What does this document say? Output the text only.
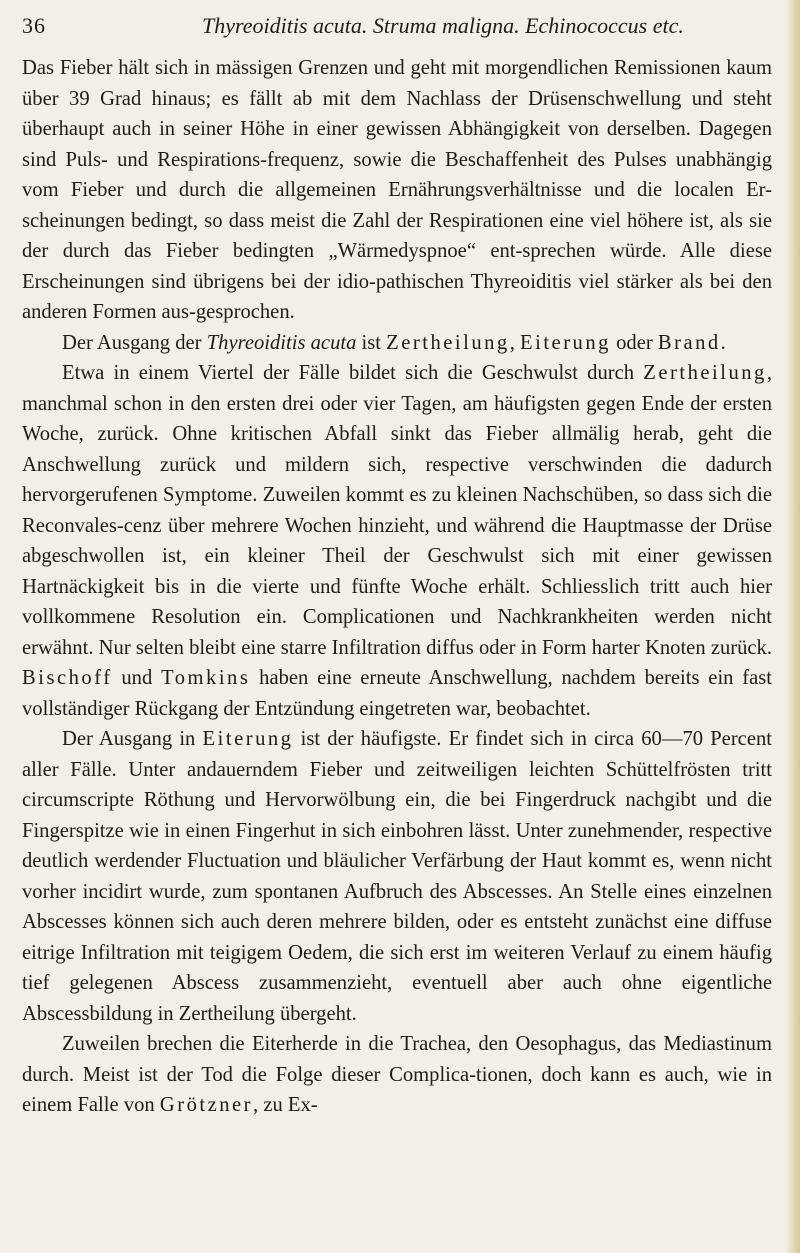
36	Thyreoiditis acuta. Struma maligna. Echinococcus etc.

Das Fieber hält sich in mässigen Grenzen und geht mit morgendlichen Remissionen kaum über 39 Grad hinaus; es fällt ab mit dem Nachlass der Drüsenschwellung und steht überhaupt auch in seiner Höhe in einer gewissen Abhängigkeit von derselben. Dagegen sind Puls- und Respirations-frequenz, sowie die Beschaffenheit des Pulses unabhängig vom Fieber und durch die allgemeinen Ernährungsverhältnisse und die localen Er-scheinungen bedingt, so dass meist die Zahl der Respirationen eine viel höhere ist, als sie der durch das Fieber bedingten „Wärmedyspnoe“ ent-sprechen würde. Alle diese Erscheinungen sind übrigens bei der idio-pathischen Thyreoiditis viel stärker als bei den anderen Formen aus-gesprochen.

Der Ausgang der Thyreoiditis acuta ist Zertheilung, Eiterung oder Brand.

Etwa in einem Viertel der Fälle bildet sich die Geschwulst durch Zertheilung, manchmal schon in den ersten drei oder vier Tagen, am häufigsten gegen Ende der ersten Woche, zurück. Ohne kritischen Abfall sinkt das Fieber allmälig herab, geht die Anschwellung zurück und mildern sich, respective verschwinden die dadurch hervorgerufenen Symptome. Zuweilen kommt es zu kleinen Nachschüben, so dass sich die Reconvales-cenz über mehrere Wochen hinzieht, und während die Hauptmasse der Drüse abgeschwollen ist, ein kleiner Theil der Geschwulst sich mit einer gewissen Hartnäckigkeit bis in die vierte und fünfte Woche erhält. Schliesslich tritt auch hier vollkommene Resolution ein. Complicationen und Nachkrankheiten werden nicht erwähnt. Nur selten bleibt eine starre Infiltration diffus oder in Form harter Knoten zurück. Bischoff und Tomkins haben eine erneute Anschwellung, nachdem bereits ein fast vollständiger Rückgang der Entzündung eingetreten war, beobachtet.

Der Ausgang in Eiterung ist der häufigste. Er findet sich in circa 60—70 Percent aller Fälle. Unter andauerndem Fieber und zeitweiligen leichten Schüttelfrösten tritt circumscripte Röthung und Hervorwölbung ein, die bei Fingerdruck nachgibt und die Fingerspitze wie in einen Fingerhut in sich einbohren lässt. Unter zunehmender, respective deutlich werdender Fluctuation und bläulicher Verfärbung der Haut kommt es, wenn nicht vorher incidirt wurde, zum spontanen Aufbruch des Abscesses. An Stelle eines einzelnen Abscesses können sich auch deren mehrere bilden, oder es entsteht zunächst eine diffuse eitrige Infiltration mit teigigem Oedem, die sich erst im weiteren Verlauf zu einem häufig tief gelegenen Abscess zusammenzieht, eventuell aber auch ohne eigentliche Abscessbildung in Zertheilung übergeht.

Zuweilen brechen die Eiterherde in die Trachea, den Oesophagus, das Mediastinum durch. Meist ist der Tod die Folge dieser Complica-tionen, doch kann es auch, wie in einem Falle von Grötzner, zu Ex-
